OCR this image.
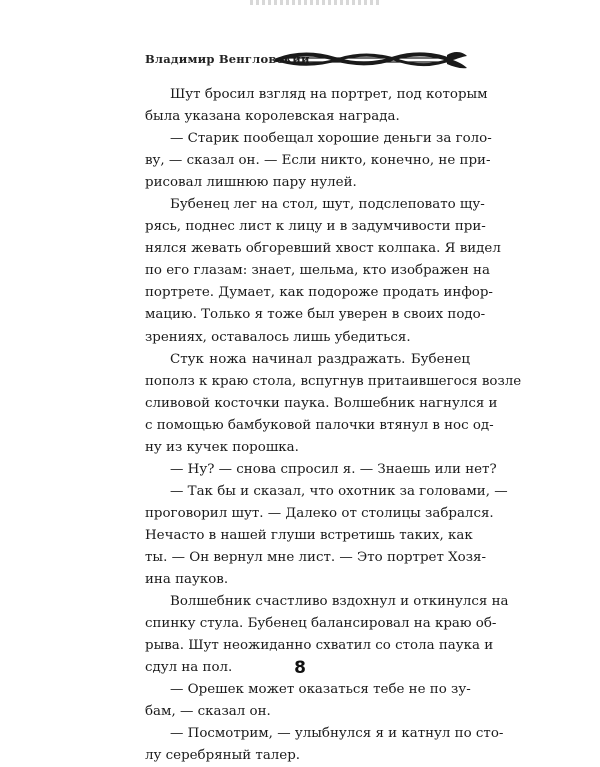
Владимир Венгловский

Шут бросил взгляд на портрет, под которым
была указана королевская награда.

— Старик пообещал хорошие деньги за голо-
ву, — сказал он. — Если никто, конечно, не при-
рисовал лишнюю пару нулей.

Бубенец лег на стол, шут, подслеповато щу-
рясь, поднес лист к лицу и в задумчивости при-
нялся жевать обгоревший хвост колпака. Я видел
по его глазам: знает, шельма, кто изображен на
портрете. Думает, как подороже продать инфор-
мацию. Только я тоже был уверен в своих подо-
зрениях, оставалось лишь убедиться.

Стук ножа начинал раздражать. Бубенец
пополз к краю стола, вспугнув притаившегося возле
сливовой косточки паука. Волшебник нагнулся и
с помощью бамбуковой палочки втянул в нос од-
ну из кучек порошка.

— Ну? — снова спросил я. — Знаешь или нет?

— Так бы и сказал, что охотник за головами, —
проговорил шут. — Далеко от столицы забрался.
Нечасто в нашей глуши встретишь таких, как
ты. — Он вернул мне лист. — Это портрет Хозя-
ина пауков.

Волшебник счастливо вздохнул и откинулся на
спинку стула. Бубенец балансировал на краю об-
рыва. Шут неожиданно схватил со стола паука и
сдул на пол.

— Орешек может оказаться тебе не по зу-
бам, — сказал он.

— Посмотрим, — улыбнулся я и катнул по сто-
лу серебряный талер.

8
